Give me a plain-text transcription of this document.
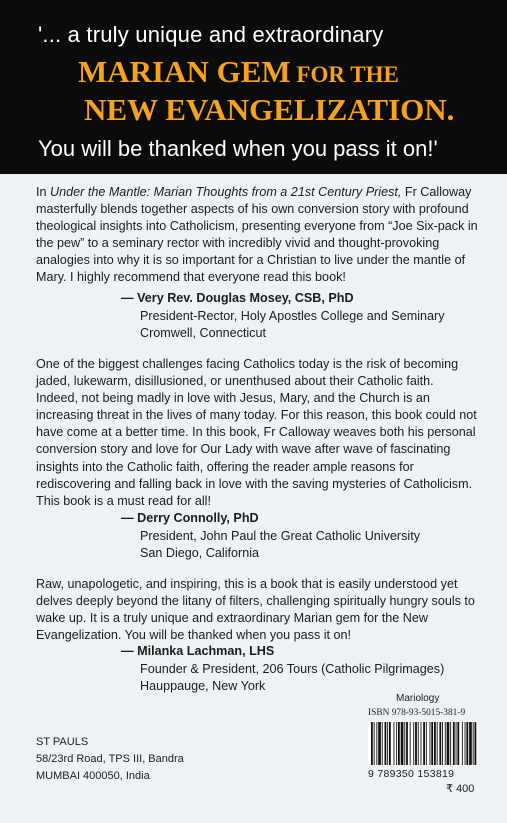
'... a truly unique and extraordinary
MARIAN GEM FOR THE
NEW EVANGELIZATION.
You will be thanked when you pass it on!'

In Under the Mantle: Marian Thoughts from a 21st Century Priest, Fr Calloway masterfully blends together aspects of his own conversion story with profound theological insights into Catholicism, presenting everyone from “Joe Six-pack in the pew” to a seminary rector with incredibly vivid and thought-provoking analogies into why it is so important for a Christian to live under the mantle of Mary. I highly recommend that everyone read this book!

— Very Rev. Douglas Mosey, CSB, PhD
President-Rector, Holy Apostles College and Seminary
Cromwell, Connecticut

One of the biggest challenges facing Catholics today is the risk of becoming jaded, lukewarm, disillusioned, or unenthused about their Catholic faith. Indeed, not being madly in love with Jesus, Mary, and the Church is an increasing threat in the lives of many today. For this reason, this book could not have come at a better time. In this book, Fr Calloway weaves both his personal conversion story and love for Our Lady with wave after wave of fascinating insights into the Catholic faith, offering the reader ample reasons for rediscovering and falling back in love with the saving mysteries of Catholicism. This book is a must read for all!

— Derry Connolly, PhD
President, John Paul the Great Catholic University
San Diego, California

Raw, unapologetic, and inspiring, this is a book that is easily understood yet delves deeply beyond the litany of filters, challenging spiritually hungry souls to wake up. It is a truly unique and extraordinary Marian gem for the New Evangelization. You will be thanked when you pass it on!

— Milanka Lachman, LHS
Founder & President, 206 Tours (Catholic Pilgrimages)
Hauppauge, New York
ST PAULS
58/23rd Road, TPS III, Bandra
MUMBAI 400050, India
Mariology
ISBN 978-93-5015-381-9
9 789350 153819
₹ 400
